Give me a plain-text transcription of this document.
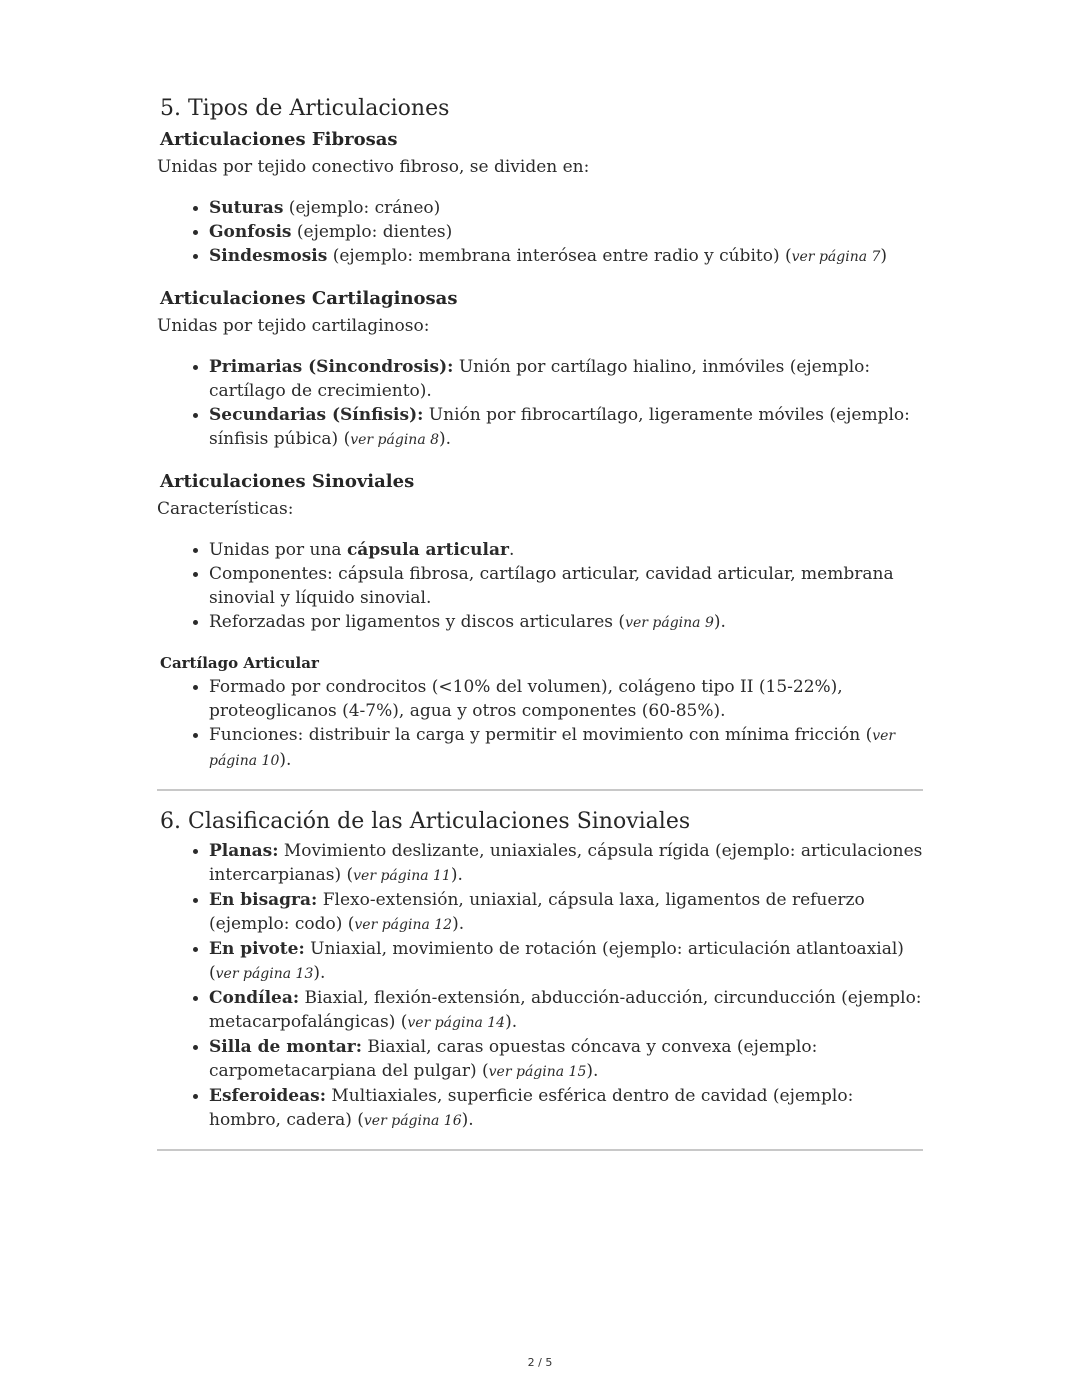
5. Tipos de Articulaciones
Articulaciones Fibrosas

Unidas por tejido conectivo fibroso, se dividen en:

• Suturas (ejemplo: cráneo)
• Gonfosis (ejemplo: dientes)
• Sindesmosis (ejemplo: membrana interósea entre radio y cúbito) (ver página 7)
Articulaciones Cartilaginosas

Unidas por tejido cartilaginoso:

• Primarias (Sincondrosis): Unión por cartílago hialino, inmóviles (ejemplo: cartílago de crecimiento).
• Secundarias (Sínfisis): Unión por fibrocartílago, ligeramente móviles (ejemplo: sínfisis púbica) (ver página 8).
Articulaciones Sinoviales

Características:

• Unidas por una cápsula articular.
• Componentes: cápsula fibrosa, cartílago articular, cavidad articular, membrana sinovial y líquido sinovial.
• Reforzadas por ligamentos y discos articulares (ver página 9).
Cartílago Articular
• Formado por condrocitos (<10% del volumen), colágeno tipo II (15-22%), proteoglicanos (4-7%), agua y otros componentes (60-85%).
• Funciones: distribuir la carga y permitir el movimiento con mínima fricción (ver página 10).
6. Clasificación de las Articulaciones Sinoviales
• Planas: Movimiento deslizante, uniaxiales, cápsula rígida (ejemplo: articulaciones intercarpianas) (ver página 11).
• En bisagra: Flexo-extensión, uniaxial, cápsula laxa, ligamentos de refuerzo (ejemplo: codo) (ver página 12).
• En pivote: Uniaxial, movimiento de rotación (ejemplo: articulación atlantoaxial) (ver página 13).
• Condílea: Biaxial, flexión-extensión, abducción-aducción, circunducción (ejemplo: metacarpofalángicas) (ver página 14).
• Silla de montar: Biaxial, caras opuestas cóncava y convexa (ejemplo: carpometacarpiana del pulgar) (ver página 15).
• Esferoideas: Multiaxiales, superficie esférica dentro de cavidad (ejemplo: hombro, cadera) (ver página 16).
2 / 5
